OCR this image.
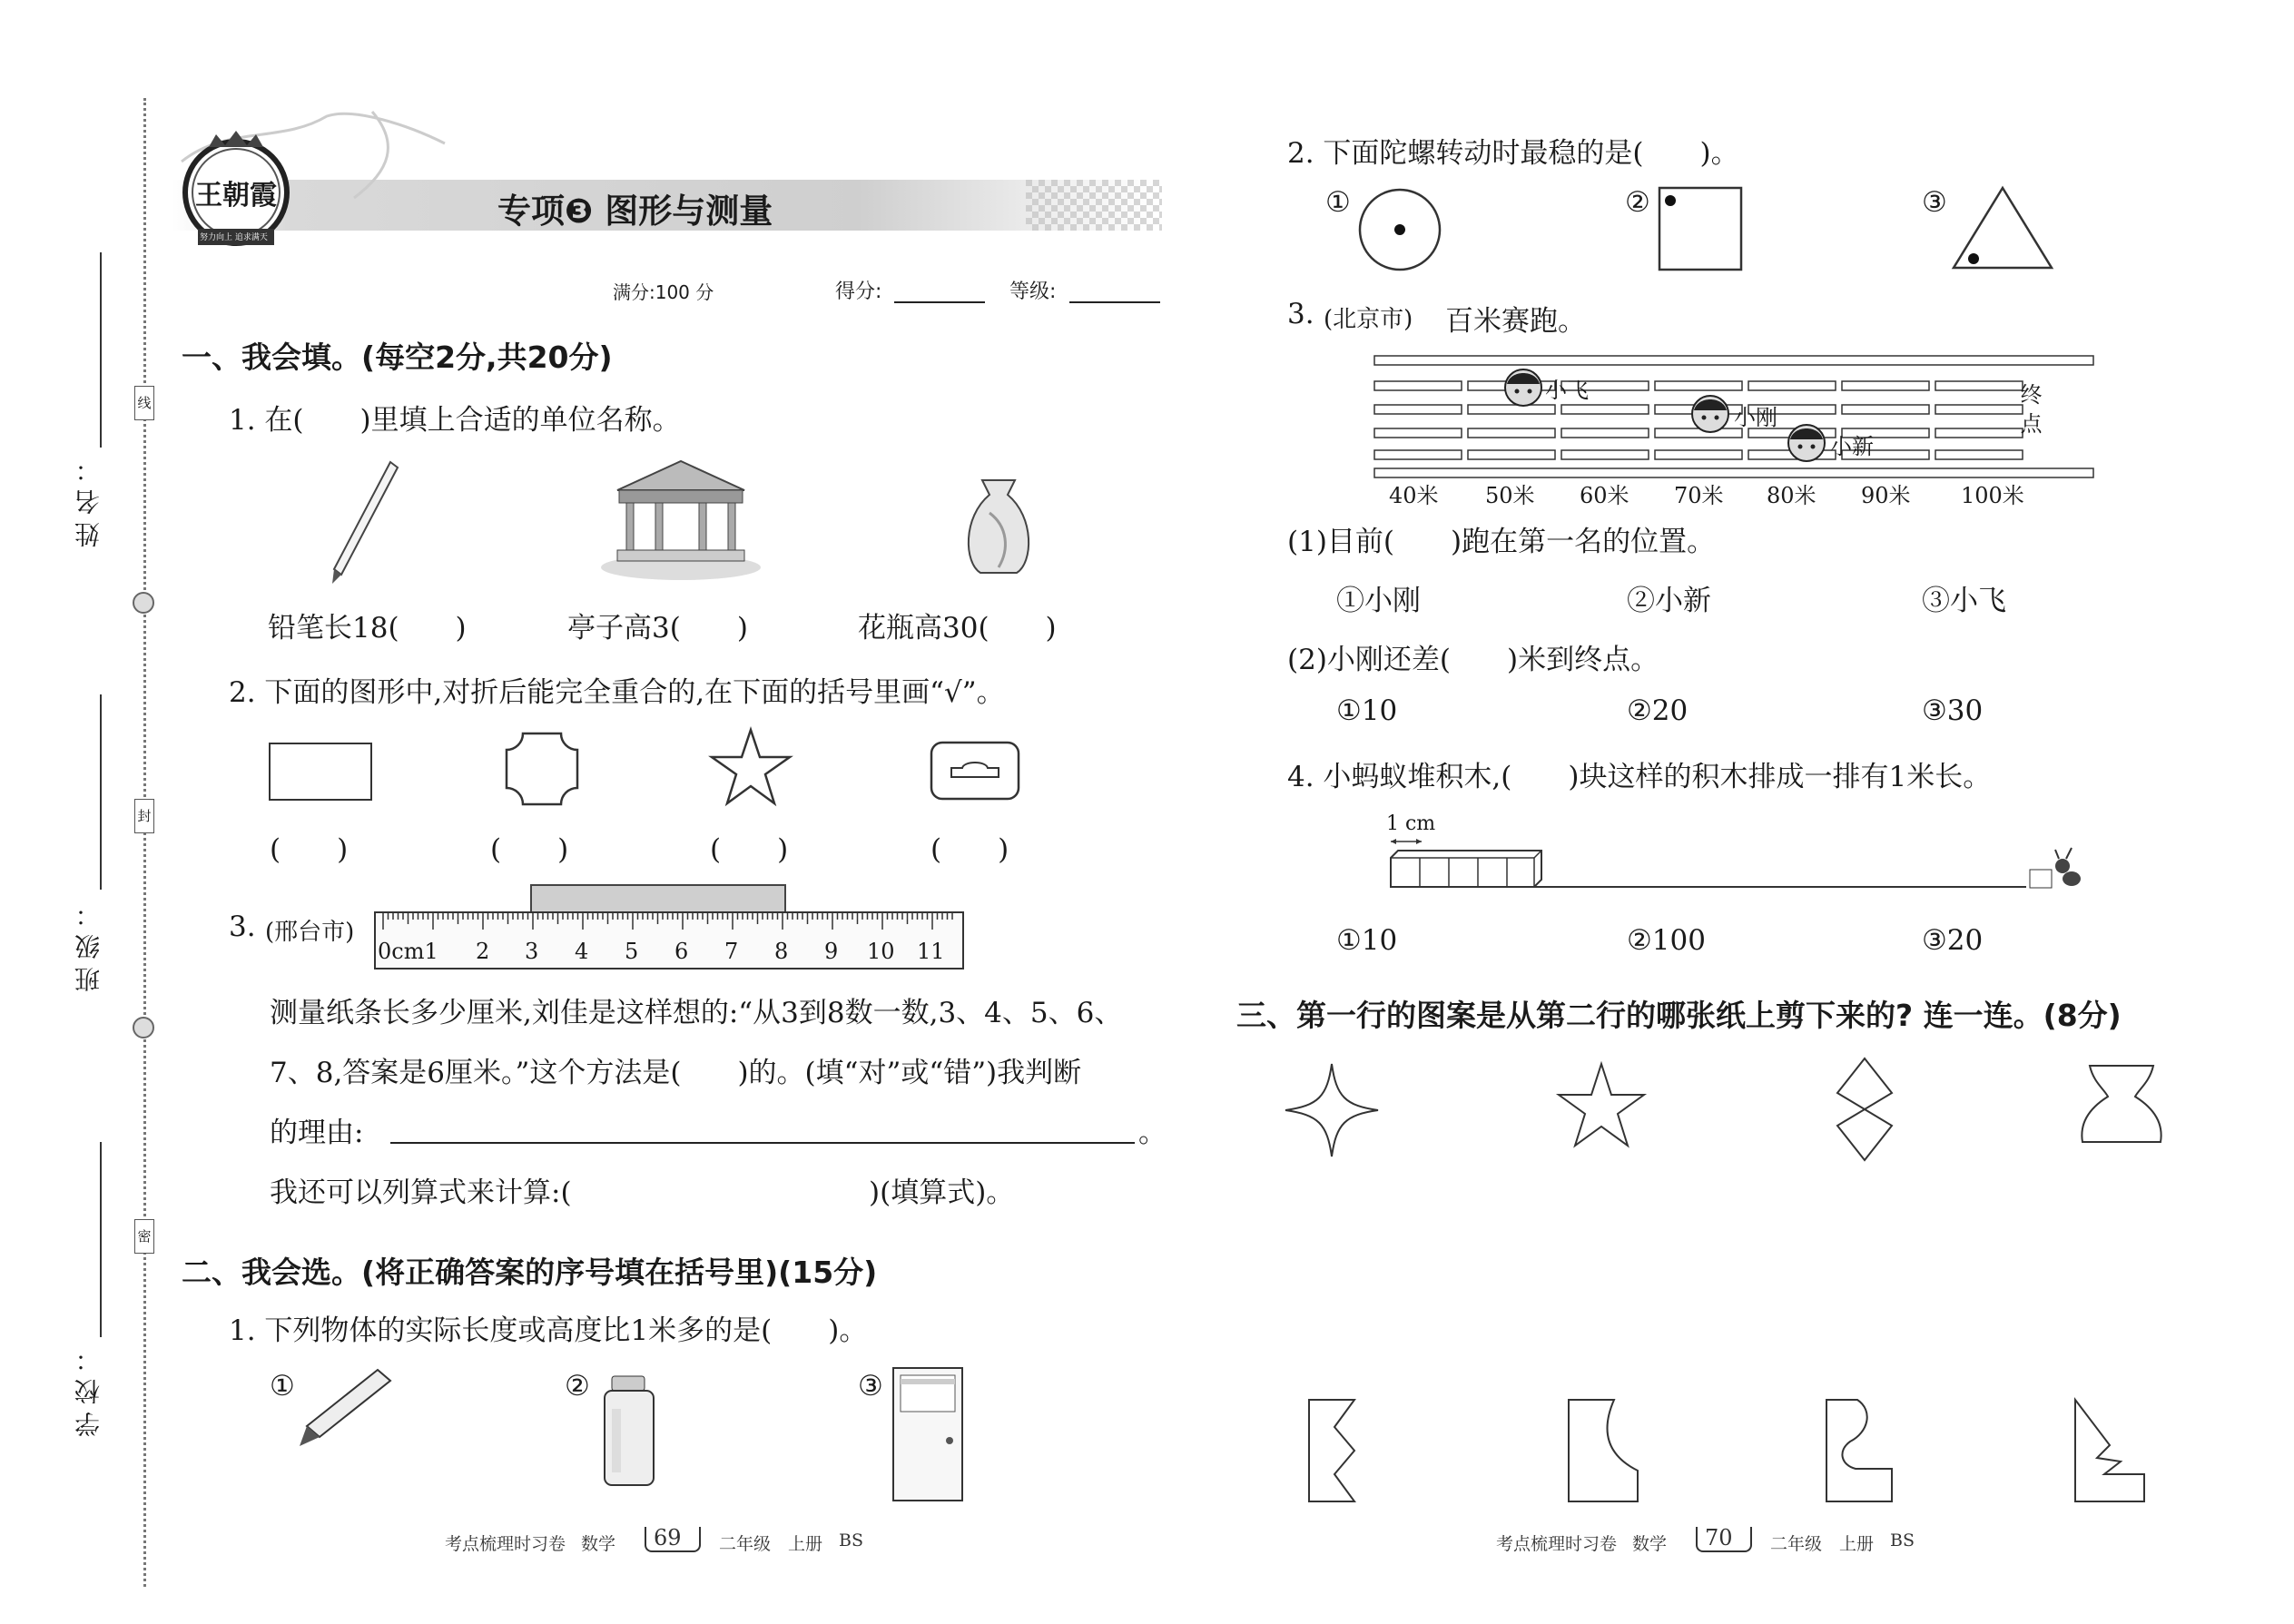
线
封
密
姓名：
班级：
学校：
王朝霞
努力向上 追求满天
专项❸ 图形与测量
满分:100 分	得分:	等级:
一、我会填。(每空2分,共20分)
1. 在(　　)里填上合适的单位名称。
铅笔长18(　　)	亭子高3(　　)	花瓶高30(　　)
2. 下面的图形中,对折后能完全重合的,在下面的括号里画“√”。
(　　)	(　　)	(　　)	(　　)
3. (邢台市)
0cm1 2 3 4 5 6 7 8 9 10 11
测量纸条长多少厘米,刘佳是这样想的:“从3到8数一数,3、4、5、6、
7、8,答案是6厘米。”这个方法是(　　)的。(填“对”或“错”)我判断
的理由:	。
我还可以列算式来计算:(	)(填算式)。
二、我会选。(将正确答案的序号填在括号里)(15分)
1. 下列物体的实际长度或高度比1米多的是(　　)。
①	②	③
考点梳理时习卷 数学 69 二年级 上册 BS
2. 下面陀螺转动时最稳的是(　　)。
①	②	③
3. (北京市) 百米赛跑。
小飞
小刚
小新
终点
40米 50米 60米 70米 80米 90米 100米
(1)目前(　　)跑在第一名的位置。
①小刚	②小新	③小飞
(2)小刚还差(　　)米到终点。
①10	②20	③30
4. 小蚂蚁堆积木,(　　)块这样的积木排成一排有1米长。
1 cm
①10	②100	③20
三、第一行的图案是从第二行的哪张纸上剪下来的? 连一连。(8分)
考点梳理时习卷 数学 70 二年级 上册 BS
